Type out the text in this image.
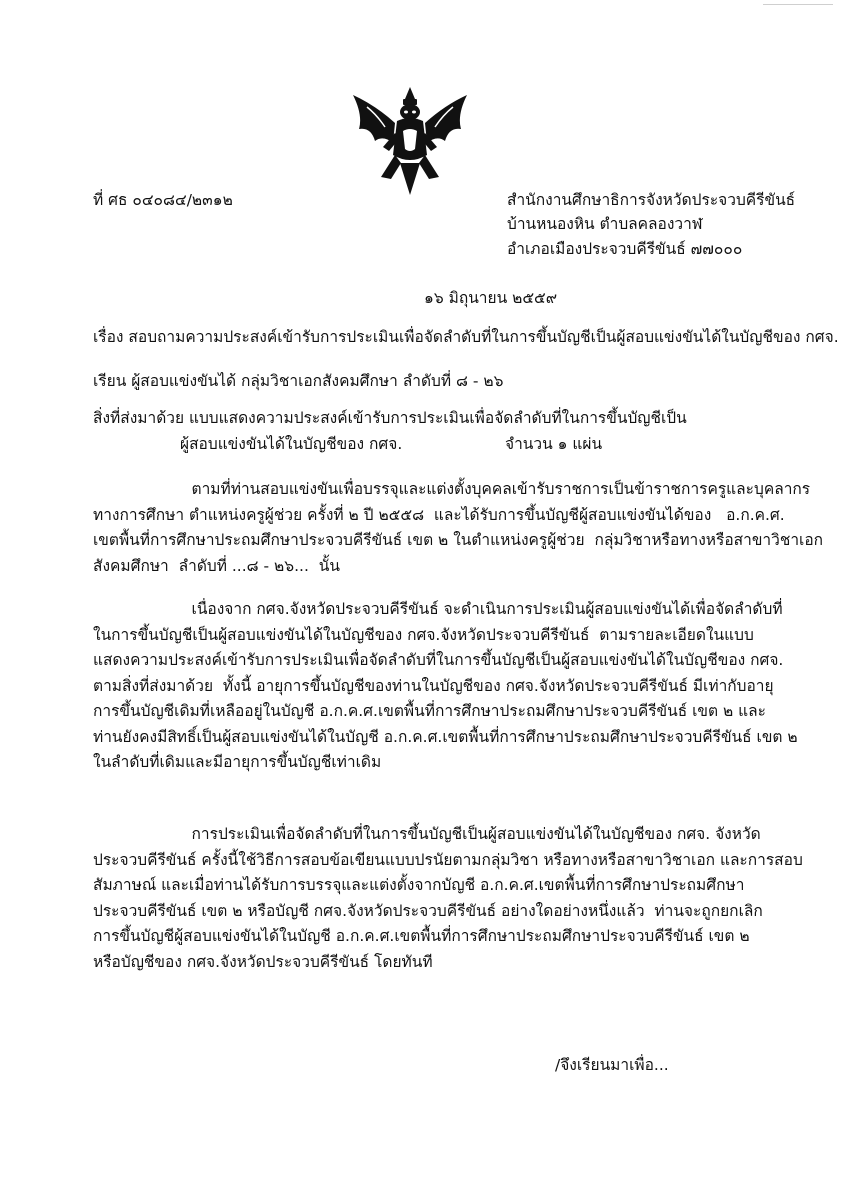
ที่ ศธ ๐๔๐๘๔/๒๓๑๒	สำนักงานศึกษาธิการจังหวัดประจวบคีรีขันธ์
บ้านหนองหิน ตำบลคลองวาฬ
อำเภอเมืองประจวบคีรีขันธ์ ๗๗๐๐๐
๑๖ มิถุนายน ๒๕๕๙
เรื่อง สอบถามความประสงค์เข้ารับการประเมินเพื่อจัดลำดับที่ในการขึ้นบัญชีเป็นผู้สอบแข่งขันได้ในบัญชีของ กศจ.
เรียน ผู้สอบแข่งขันได้ กลุ่มวิชาเอกสังคมศึกษา ลำดับที่ ๘ - ๒๖
สิ่งที่ส่งมาด้วย แบบแสดงความประสงค์เข้ารับการประเมินเพื่อจัดลำดับที่ในการขึ้นบัญชีเป็น
ผู้สอบแข่งขันได้ในบัญชีของ กศจ.	จำนวน ๑ แผ่น
ตามที่ท่านสอบแข่งขันเพื่อบรรจุและแต่งตั้งบุคคลเข้ารับราชการเป็นข้าราชการครูและบุคลากร
ทางการศึกษา ตำแหน่งครูผู้ช่วย ครั้งที่ ๒ ปี ๒๕๕๘  และได้รับการขึ้นบัญชีผู้สอบแข่งขันได้ของ   อ.ก.ค.ศ.
เขตพื้นที่การศึกษาประถมศึกษาประจวบคีรีขันธ์ เขต ๒ ในตำแหน่งครูผู้ช่วย  กลุ่มวิชาหรือทางหรือสาขาวิชาเอก
สังคมศึกษา  ลำดับที่ ...๘ - ๒๖...  นั้น
เนื่องจาก กศจ.จังหวัดประจวบคีรีขันธ์ จะดำเนินการประเมินผู้สอบแข่งขันได้เพื่อจัดลำดับที่
ในการขึ้นบัญชีเป็นผู้สอบแข่งขันได้ในบัญชีของ กศจ.จังหวัดประจวบคีรีขันธ์  ตามรายละเอียดในแบบ
แสดงความประสงค์เข้ารับการประเมินเพื่อจัดลำดับที่ในการขึ้นบัญชีเป็นผู้สอบแข่งขันได้ในบัญชีของ กศจ.
ตามสิ่งที่ส่งมาด้วย  ทั้งนี้ อายุการขึ้นบัญชีของท่านในบัญชีของ กศจ.จังหวัดประจวบคีรีขันธ์ มีเท่ากับอายุ
การขึ้นบัญชีเดิมที่เหลืออยู่ในบัญชี อ.ก.ค.ศ.เขตพื้นที่การศึกษาประถมศึกษาประจวบคีรีขันธ์ เขต ๒ และ
ท่านยังคงมีสิทธิ์เป็นผู้สอบแข่งขันได้ในบัญชี อ.ก.ค.ศ.เขตพื้นที่การศึกษาประถมศึกษาประจวบคีรีขันธ์ เขต ๒
ในลำดับที่เดิมและมีอายุการขึ้นบัญชีเท่าเดิม
การประเมินเพื่อจัดลำดับที่ในการขึ้นบัญชีเป็นผู้สอบแข่งขันได้ในบัญชีของ กศจ. จังหวัด
ประจวบคีรีขันธ์ ครั้งนี้ใช้วิธีการสอบข้อเขียนแบบปรนัยตามกลุ่มวิชา หรือทางหรือสาขาวิชาเอก และการสอบ
สัมภาษณ์ และเมื่อท่านได้รับการบรรจุและแต่งตั้งจากบัญชี อ.ก.ค.ศ.เขตพื้นที่การศึกษาประถมศึกษา
ประจวบคีรีขันธ์ เขต ๒ หรือบัญชี กศจ.จังหวัดประจวบคีรีขันธ์ อย่างใดอย่างหนึ่งแล้ว  ท่านจะถูกยกเลิก
การขึ้นบัญชีผู้สอบแข่งขันได้ในบัญชี อ.ก.ค.ศ.เขตพื้นที่การศึกษาประถมศึกษาประจวบคีรีขันธ์ เขต ๒
หรือบัญชีของ กศจ.จังหวัดประจวบคีรีขันธ์ โดยทันที
/จึงเรียนมาเพื่อ...
